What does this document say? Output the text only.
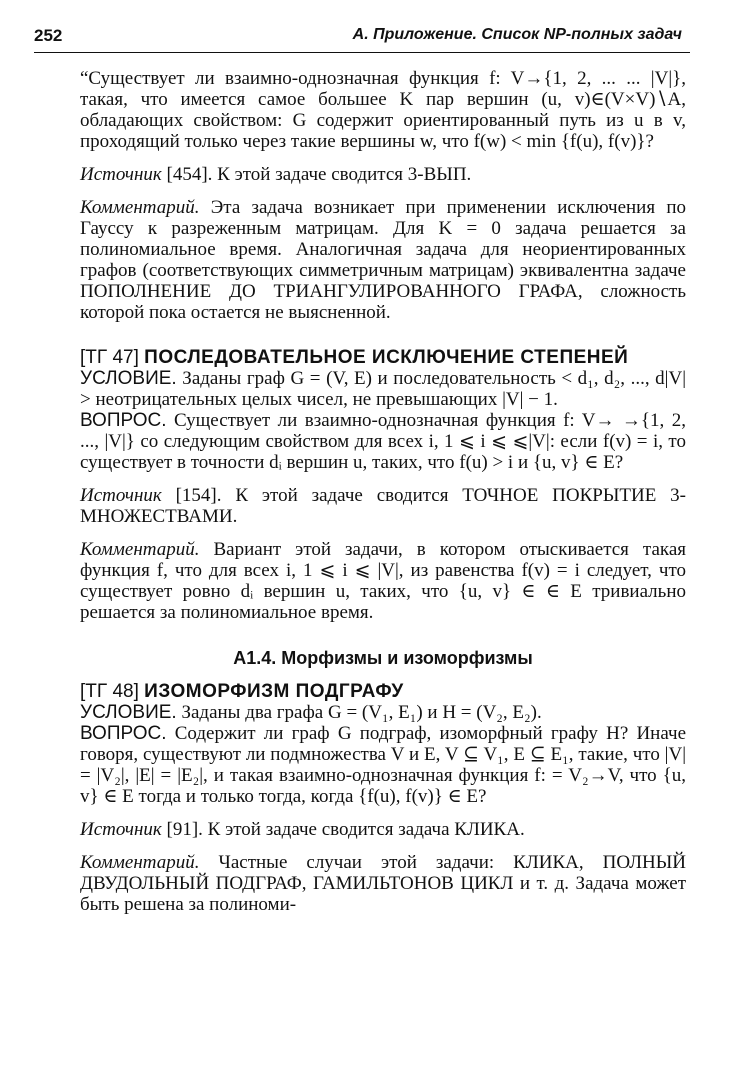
252	А. Приложение. Список NP-полных задач

“Существует ли взаимно-однозначная функция f: V→{1, 2, ... ... |V|}, такая, что имеется самое большее K пар вершин (u, v)∈(V×V)∖A, обладающих свойством: G содержит ориентированный путь из u в v, проходящий только через такие вершины w, что f(w) < min {f(u), f(v)}?

Источник [454]. К этой задаче сводится 3-ВЫП.

Комментарий. Эта задача возникает при применении исключения по Гауссу к разреженным матрицам. Для K = 0 задача решается за полиномиальное время. Аналогичная задача для неориентированных графов (соответствующих симметричным матрицам) эквивалентна задаче ПОПОЛНЕНИЕ ДО ТРИАНГУЛИРОВАННОГО ГРАФА, сложность которой пока остается не выясненной.

[ТГ 47] ПОСЛЕДОВАТЕЛЬНОЕ ИСКЛЮЧЕНИЕ СТЕПЕНЕЙ

УСЛОВИЕ. Заданы граф G = (V, E) и последовательность < d₁, d₂, ..., d|V| > неотрицательных целых чисел, не превышающих |V| − 1.

ВОПРОС. Существует ли взаимно-однозначная функция f: V→ →{1, 2, ..., |V|} со следующим свойством для всех i, 1 ⩽ i ⩽ ⩽|V|: если f(v) = i, то существует в точности dᵢ вершин u, таких, что f(u) > i и {u, v} ∈ E?

Источник [154]. К этой задаче сводится ТОЧНОЕ ПОКРЫТИЕ 3-МНОЖЕСТВАМИ.

Комментарий. Вариант этой задачи, в котором отыскивается такая функция f, что для всех i, 1 ⩽ i ⩽ |V|, из равенства f(v) = i следует, что существует ровно dᵢ вершин u, таких, что {u, v} ∈ ∈ E тривиально решается за полиномиальное время.

А1.4. Морфизмы и изоморфизмы

[ТГ 48] ИЗОМОРФИЗМ ПОДГРАФУ

УСЛОВИЕ. Заданы два графа G = (V₁, E₁) и H = (V₂, E₂).

ВОПРОС. Содержит ли граф G подграф, изоморфный графу H? Иначе говоря, существуют ли подмножества V и E, V ⊆ V₁, E ⊆ E₁, такие, что |V| = |V₂|, |E| = |E₂|, и такая взаимно-однозначная функция f: = V₂→V, что {u, v} ∈ E тогда и только тогда, когда {f(u), f(v)} ∈ E?

Источник [91]. К этой задаче сводится задача КЛИКА.

Комментарий. Частные случаи этой задачи: КЛИКА, ПОЛНЫЙ ДВУДОЛЬНЫЙ ПОДГРАФ, ГАМИЛЬТОНОВ ЦИКЛ и т. д. Задача может быть решена за полиноми-
